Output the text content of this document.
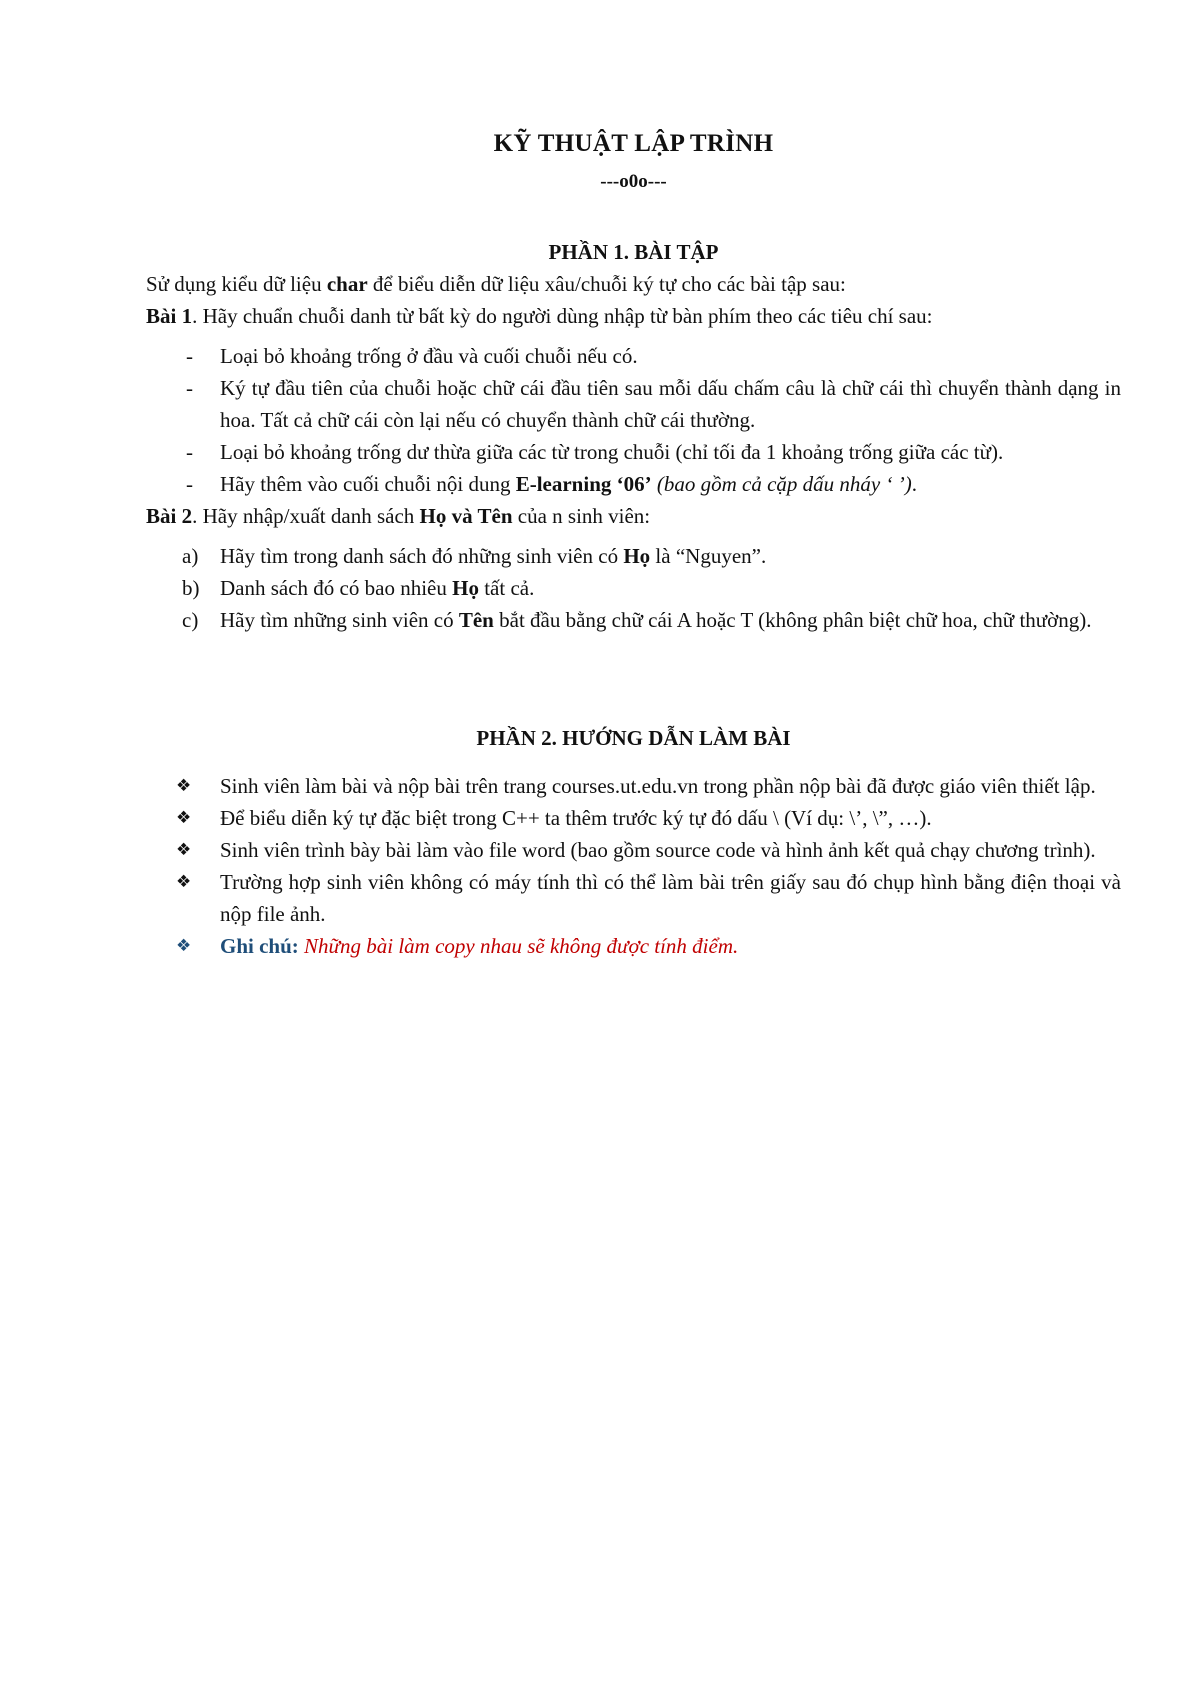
KỸ THUẬT LẬP TRÌNH
---o0o---
PHẦN 1. BÀI TẬP

Sử dụng kiểu dữ liệu char để biểu diễn dữ liệu xâu/chuỗi ký tự cho các bài tập sau:

Bài 1. Hãy chuẩn chuỗi danh từ bất kỳ do người dùng nhập từ bàn phím theo các tiêu chí sau:

- Loại bỏ khoảng trống ở đầu và cuối chuỗi nếu có.
- Ký tự đầu tiên của chuỗi hoặc chữ cái đầu tiên sau mỗi dấu chấm câu là chữ cái thì chuyển thành dạng in hoa. Tất cả chữ cái còn lại nếu có chuyển thành chữ cái thường.
- Loại bỏ khoảng trống dư thừa giữa các từ trong chuỗi (chỉ tối đa 1 khoảng trống giữa các từ).
- Hãy thêm vào cuối chuỗi nội dung E-learning ‘06’ (bao gồm cả cặp dấu nháy ‘ ’).

Bài 2. Hãy nhập/xuất danh sách Họ và Tên của n sinh viên:

a) Hãy tìm trong danh sách đó những sinh viên có Họ là “Nguyen”.
b) Danh sách đó có bao nhiêu Họ tất cả.
c) Hãy tìm những sinh viên có Tên bắt đầu bằng chữ cái A hoặc T (không phân biệt chữ hoa, chữ thường).
PHẦN 2. HƯỚNG DẪN LÀM BÀI
❖ Sinh viên làm bài và nộp bài trên trang courses.ut.edu.vn trong phần nộp bài đã được giáo viên thiết lập.
❖ Để biểu diễn ký tự đặc biệt trong C++ ta thêm trước ký tự đó dấu \ (Ví dụ: \’, \”, …).
❖ Sinh viên trình bày bài làm vào file word (bao gồm source code và hình ảnh kết quả chạy chương trình).
❖ Trường hợp sinh viên không có máy tính thì có thể làm bài trên giấy sau đó chụp hình bằng điện thoại và nộp file ảnh.
❖ Ghi chú: Những bài làm copy nhau sẽ không được tính điểm.
